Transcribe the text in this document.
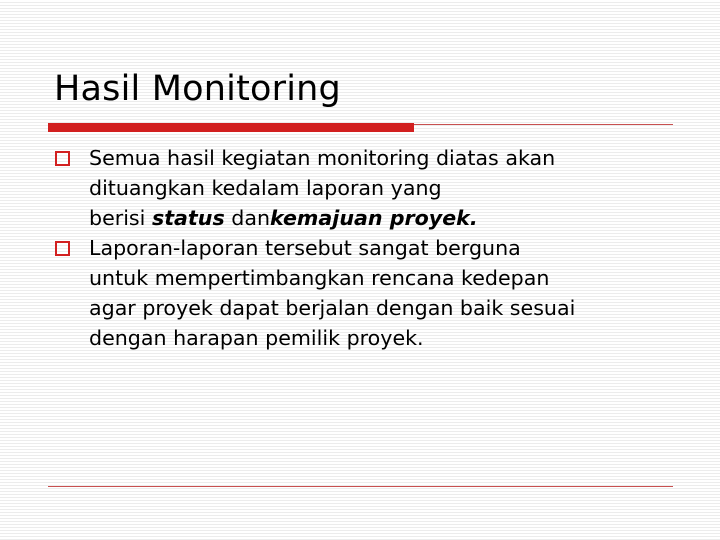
Hasil Monitoring
Semua hasil kegiatan monitoring diatas akan
dituangkan kedalam laporan yang
berisi status dankemajuan proyek.
Laporan-laporan tersebut sangat berguna
untuk mempertimbangkan rencana kedepan
agar proyek dapat berjalan dengan baik sesuai
dengan harapan pemilik proyek.
